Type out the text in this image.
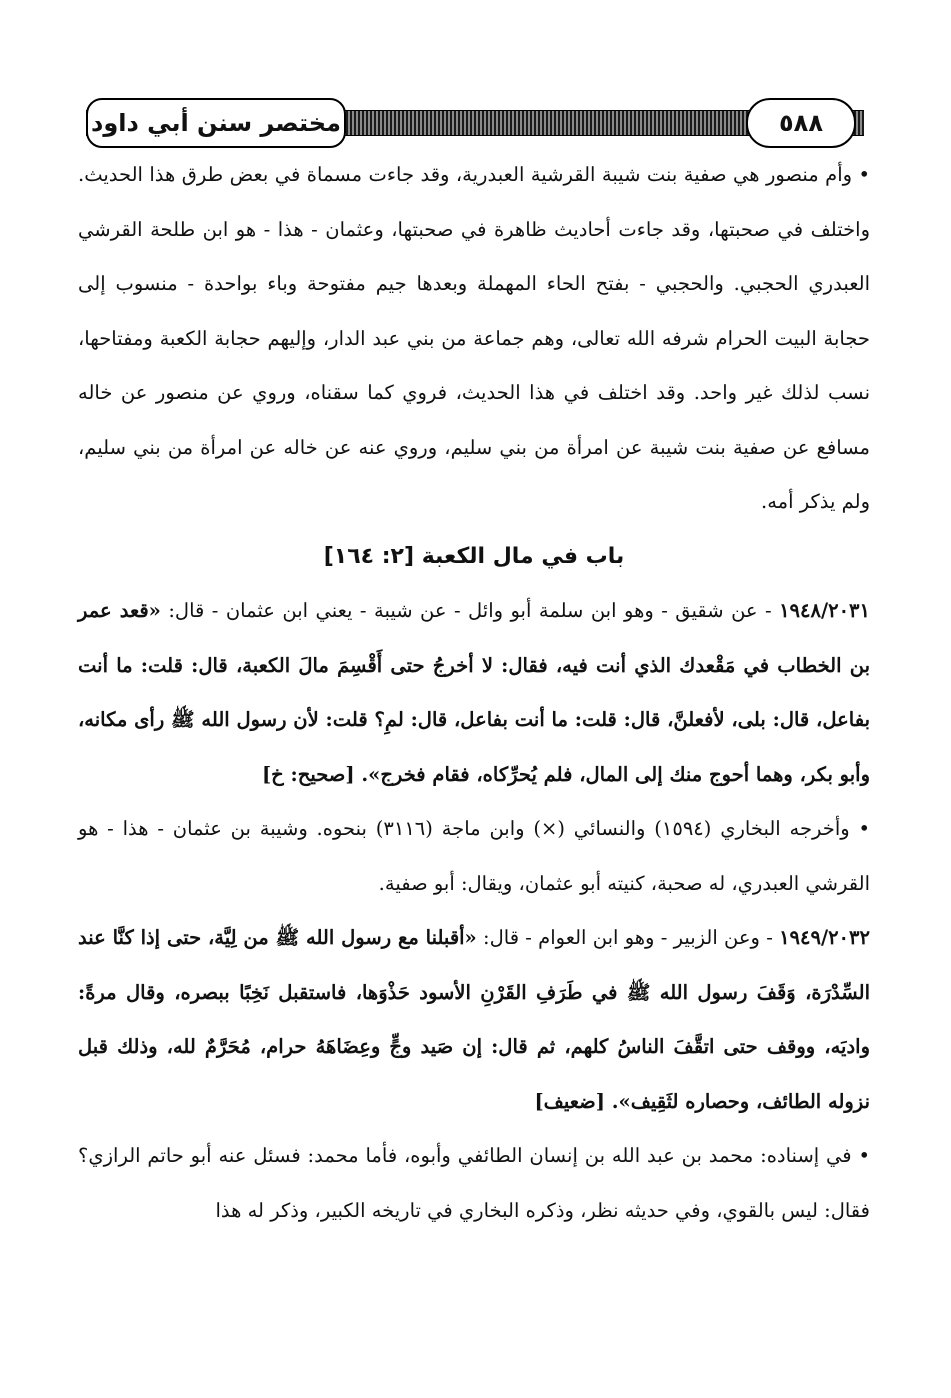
مختصر سنن أبي داود	٥٨٨

• وأم منصور هي صفية بنت شيبة القرشية العبدرية، وقد جاءت مسماة في بعض طرق هذا الحديث. واختلف في صحبتها، وقد جاءت أحاديث ظاهرة في صحبتها، وعثمان - هذا - هو ابن طلحة القرشي العبدري الحجبي. والحجبي - بفتح الحاء المهملة وبعدها جيم مفتوحة وباء بواحدة - منسوب إلى حجابة البيت الحرام شرفه الله تعالى، وهم جماعة من بني عبد الدار، وإليهم حجابة الكعبة ومفتاحها، نسب لذلك غير واحد. وقد اختلف في هذا الحديث، فروي كما سقناه، وروي عن منصور عن خاله مسافع عن صفية بنت شيبة عن امرأة من بني سليم، وروي عنه عن خاله عن امرأة من بني سليم، ولم يذكر أمه.

باب في مال الكعبة [٢: ١٦٤]

١٩٤٨/٢٠٣١ - عن شقيق - وهو ابن سلمة أبو وائل - عن شيبة - يعني ابن عثمان - قال: «قعد عمر بن الخطاب في مَقْعدك الذي أنت فيه، فقال: لا أخرجُ حتى أَقْسِمَ مالَ الكعبة، قال: قلت: ما أنت بفاعل، قال: بلى، لأفعلنَّ، قال: قلت: ما أنت بفاعل، قال: لمِ؟ قلت: لأن رسول الله ﷺ رأى مكانه، وأبو بكر، وهما أحوج منك إلى المال، فلم يُحرِّكاه، فقام فخرج». [صحيح: خ]

• وأخرجه البخاري (١٥٩٤) والنسائي (×) وابن ماجة (٣١١٦) بنحوه. وشيبة بن عثمان - هذا - هو القرشي العبدري، له صحبة، كنيته أبو عثمان، ويقال: أبو صفية.

١٩٤٩/٢٠٣٢ - وعن الزبير - وهو ابن العوام - قال: «أقبلنا مع رسول الله ﷺ من لِيَّة، حتى إذا كنَّا عند السِّدْرَة، وَقَفَ رسول الله ﷺ في طَرَفِ القَرْنِ الأسود حَذْوَها، فاستقبل نَخِبًا ببصره، وقال مرةً: واديَه، ووقف حتى اتقَّفَ الناسُ كلهم، ثم قال: إن صَيد وجٍّ وعِضَاهَهُ حرام، مُحَرَّمٌ لله، وذلك قبل نزوله الطائف، وحصاره لثَقِيف». [ضعيف]

• في إسناده: محمد بن عبد الله بن إنسان الطائفي وأبوه، فأما محمد: فسئل عنه أبو حاتم الرازي؟ فقال: ليس بالقوي، وفي حديثه نظر، وذكره البخاري في تاريخه الكبير، وذكر له هذا
